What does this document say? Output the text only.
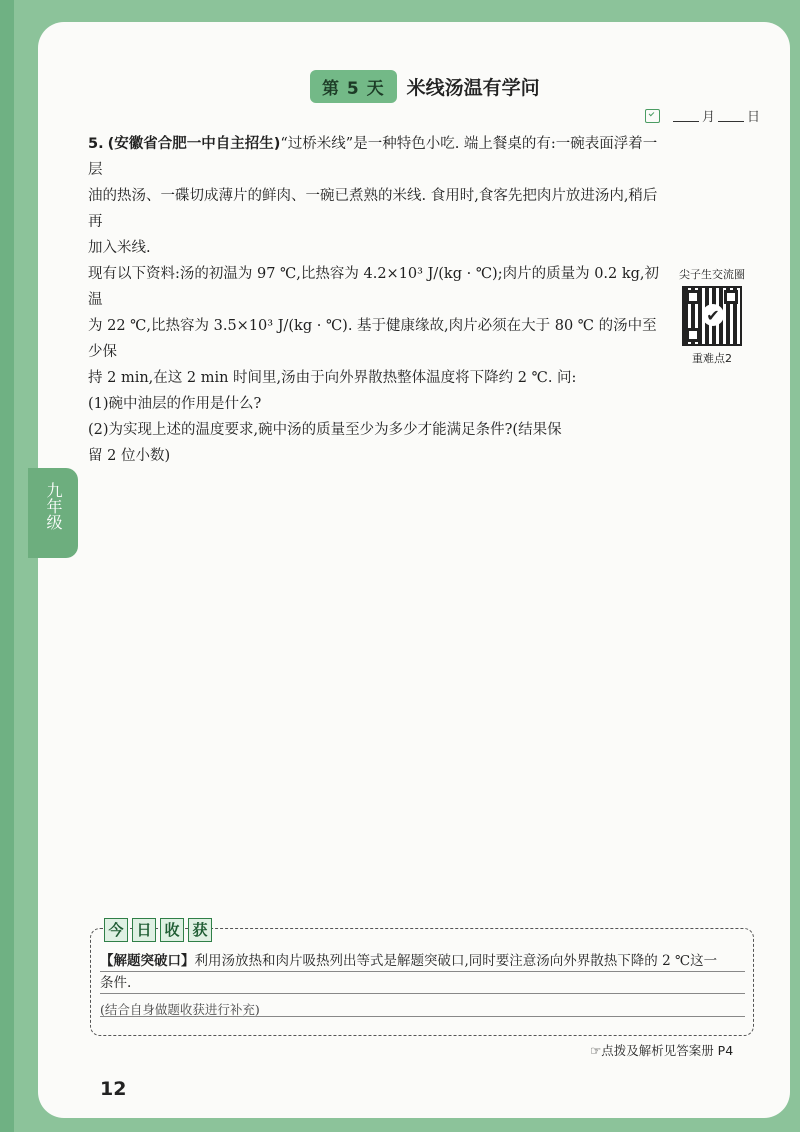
九年级
第 5 天	米线汤温有学问
月 日

5. (安徽省合肥一中自主招生)“过桥米线”是一种特色小吃. 端上餐桌的有:一碗表面浮着一层

油的热汤、一碟切成薄片的鲜肉、一碗已煮熟的米线. 食用时,食客先把肉片放进汤内,稍后再

加入米线.

现有以下资料:汤的初温为 97 ℃,比热容为 4.2×10³ J/(kg · ℃);肉片的质量为 0.2 kg,初温

为 22 ℃,比热容为 3.5×10³ J/(kg · ℃). 基于健康缘故,肉片必须在大于 80 ℃ 的汤中至少保

持 2 min,在这 2 min 时间里,汤由于向外界散热整体温度将下降约 2 ℃. 问:

(1)碗中油层的作用是什么?

(2)为实现上述的温度要求,碗中汤的质量至少为多少才能满足条件?(结果保

留 2 位小数)

尖子生交流圈
✔
重难点2
今 日 收 获
【解题突破口】利用汤放热和肉片吸热列出等式是解题突破口,同时要注意汤向外界散热下降的 2 ℃这一
条件.
(结合自身做题收获进行补充)
☞点拨及解析见答案册 P4
12
